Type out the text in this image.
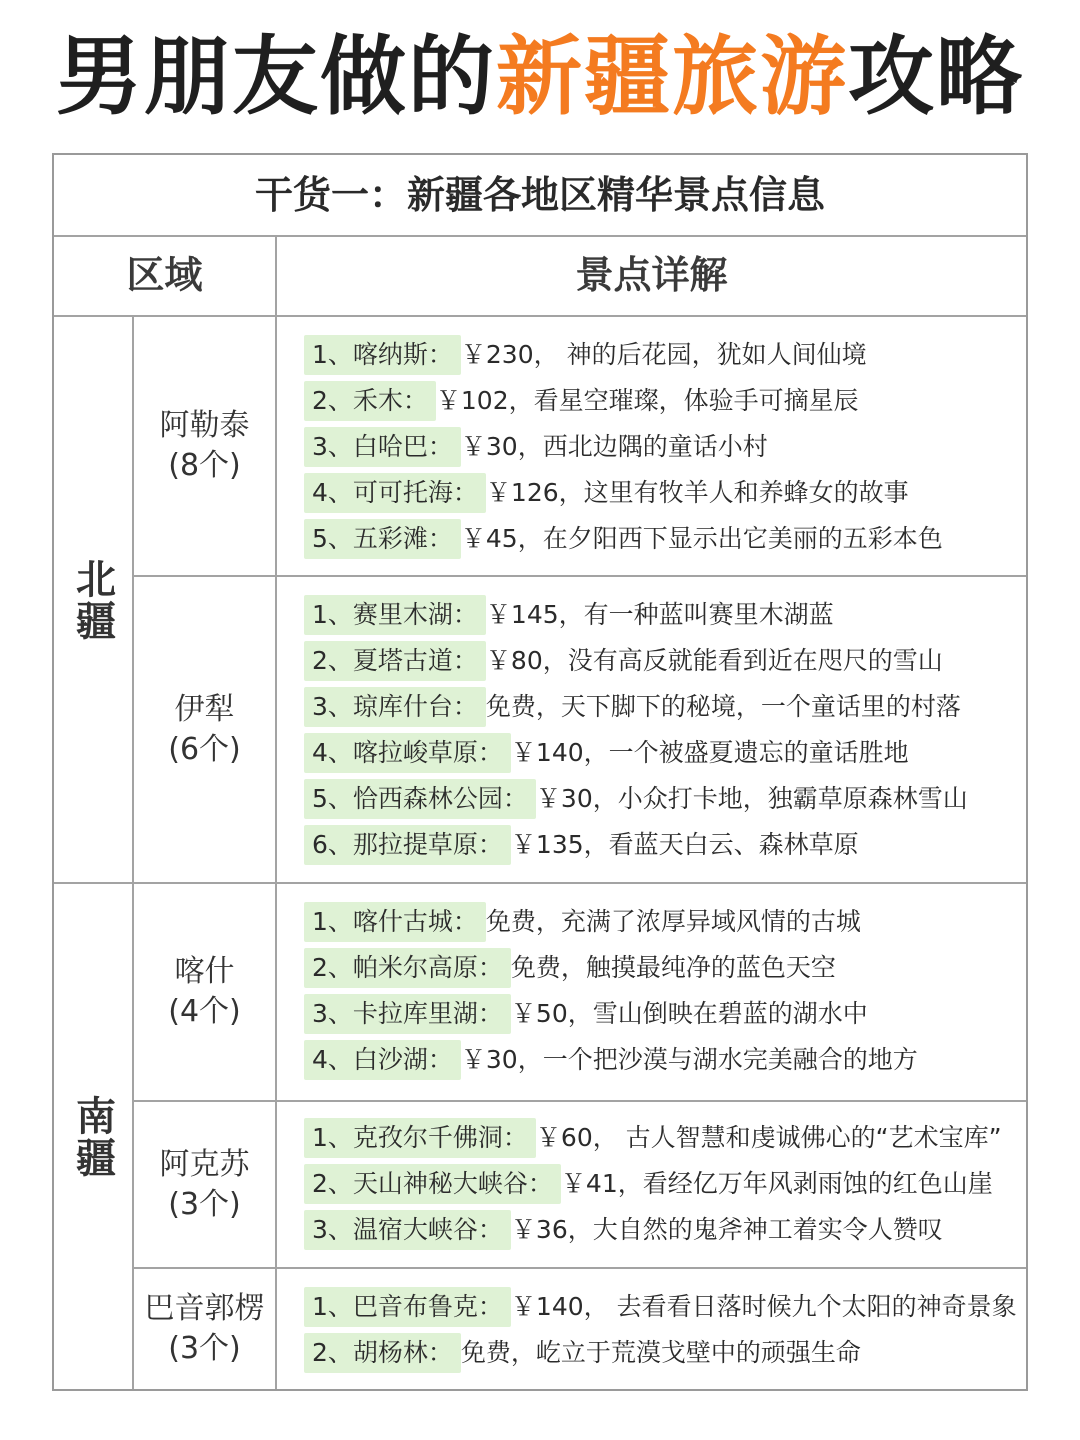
男朋友做的新疆旅游攻略
干货一：新疆各地区精华景点信息
区域	景点详解
北疆
南疆
阿勒泰
(8个)
伊犁
(6个)
喀什
(4个)
阿克苏
(3个)
巴音郭楞
(3个)
1、喀纳斯： ￥230， 神的后花园，犹如人间仙境
2、禾木： ￥102，看星空璀璨，体验手可摘星辰
3、白哈巴： ￥30，西北边隅的童话小村
4、可可托海： ￥126，这里有牧羊人和养蜂女的故事
5、五彩滩： ￥45，在夕阳西下显示出它美丽的五彩本色
1、赛里木湖： ￥145，有一种蓝叫赛里木湖蓝
2、夏塔古道： ￥80，没有高反就能看到近在咫尺的雪山
3、琼库什台： 免费，天下脚下的秘境，一个童话里的村落
4、喀拉峻草原： ￥140，一个被盛夏遗忘的童话胜地
5、恰西森林公园： ￥30，小众打卡地，独霸草原森林雪山
6、那拉提草原： ￥135，看蓝天白云、森林草原
1、喀什古城： 免费，充满了浓厚异域风情的古城
2、帕米尔高原： 免费，触摸最纯净的蓝色天空
3、卡拉库里湖： ￥50，雪山倒映在碧蓝的湖水中
4、白沙湖： ￥30，一个把沙漠与湖水完美融合的地方
1、克孜尔千佛洞： ￥60， 古人智慧和虔诚佛心的“艺术宝库”
2、天山神秘大峡谷： ￥41，看经亿万年风剥雨蚀的红色山崖
3、温宿大峡谷： ￥36，大自然的鬼斧神工着实令人赞叹
1、巴音布鲁克： ￥140， 去看看日落时候九个太阳的神奇景象
2、胡杨林： 免费，屹立于荒漠戈壁中的顽强生命
